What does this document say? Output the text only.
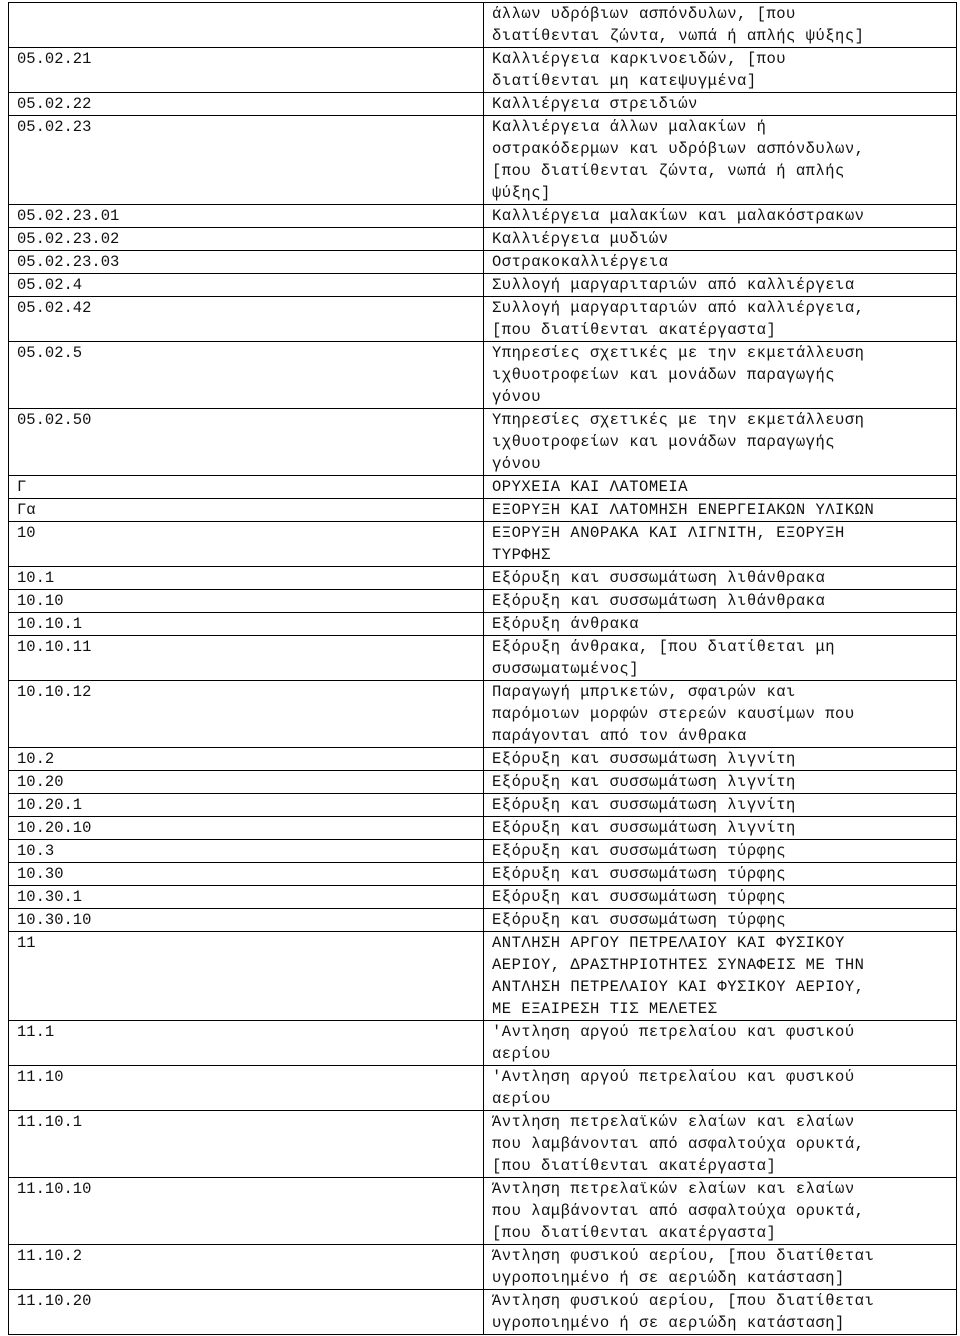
	άλλων υδρόβιων ασπόνδυλων, [που
διατίθενται ζώντα, νωπά ή απλής ψύξης]
05.02.21	Καλλιέργεια καρκινοειδών, [που
διατίθενται μη κατεψυγμένα]
05.02.22	Καλλιέργεια στρειδιών
05.02.23	Καλλιέργεια άλλων μαλακίων ή
οστρακόδερμων και υδρόβιων ασπόνδυλων,
[που διατίθενται ζώντα, νωπά ή απλής
ψύξης]
05.02.23.01	Καλλιέργεια μαλακίων και μαλακόστρακων
05.02.23.02	Καλλιέργεια μυδιών
05.02.23.03	Οστρακοκαλλιέργεια
05.02.4	Συλλογή μαργαριταριών από καλλιέργεια
05.02.42	Συλλογή μαργαριταριών από καλλιέργεια,
[που διατίθενται ακατέργαστα]
05.02.5	Υπηρεσίες σχετικές με την εκμετάλλευση
ιχθυοτροφείων και μονάδων παραγωγής
γόνου
05.02.50	Υπηρεσίες σχετικές με την εκμετάλλευση
ιχθυοτροφείων και μονάδων παραγωγής
γόνου
Γ	ΟΡΥΧΕΙΑ ΚΑΙ ΛΑΤΟΜΕΙΑ
Γα	ΕΞΟΡΥΞΗ ΚΑΙ ΛΑΤΟΜΗΣΗ ΕΝΕΡΓΕΙΑΚΩΝ ΥΛΙΚΩΝ
10	ΕΞΟΡΥΞΗ ΑΝΘΡΑΚΑ ΚΑΙ ΛΙΓΝΙΤΗ, ΕΞΟΡΥΞΗ
ΤΥΡΦΗΣ
10.1	Εξόρυξη και συσσωμάτωση λιθάνθρακα
10.10	Εξόρυξη και συσσωμάτωση λιθάνθρακα
10.10.1	Εξόρυξη άνθρακα
10.10.11	Εξόρυξη άνθρακα, [που διατίθεται μη
συσσωματωμένος]
10.10.12	Παραγωγή μπρικετών, σφαιρών και
παρόμοιων μορφών στερεών καυσίμων που
παράγονται από τον άνθρακα
10.2	Εξόρυξη και συσσωμάτωση λιγνίτη
10.20	Εξόρυξη και συσσωμάτωση λιγνίτη
10.20.1	Εξόρυξη και συσσωμάτωση λιγνίτη
10.20.10	Εξόρυξη και συσσωμάτωση λιγνίτη
10.3	Εξόρυξη και συσσωμάτωση τύρφης
10.30	Εξόρυξη και συσσωμάτωση τύρφης
10.30.1	Εξόρυξη και συσσωμάτωση τύρφης
10.30.10	Εξόρυξη και συσσωμάτωση τύρφης
11	ΑΝΤΛΗΣΗ ΑΡΓΟΥ ΠΕΤΡΕΛΑΙΟΥ ΚΑΙ ΦΥΣΙΚΟΥ
ΑΕΡΙΟΥ, ΔΡΑΣΤΗΡΙΟΤΗΤΕΣ ΣΥΝΑΦΕΙΣ ΜΕ ΤΗΝ
ΑΝΤΛΗΣΗ ΠΕΤΡΕΛΑΙΟΥ ΚΑΙ ΦΥΣΙΚΟΥ ΑΕΡΙΟΥ,
ΜΕ ΕΞΑΙΡΕΣΗ ΤΙΣ ΜΕΛΕΤΕΣ
11.1	'Αντληση αργού πετρελαίου και φυσικού
αερίου
11.10	'Αντληση αργού πετρελαίου και φυσικού
αερίου
11.10.1	Άντληση πετρελαϊκών ελαίων και ελαίων
που λαμβάνονται από ασφαλτούχα ορυκτά,
[που διατίθενται ακατέργαστα]
11.10.10	Άντληση πετρελαϊκών ελαίων και ελαίων
που λαμβάνονται από ασφαλτούχα ορυκτά,
[που διατίθενται ακατέργαστα]
11.10.2	Άντληση φυσικού αερίου, [που διατίθεται
υγροποιημένο ή σε αεριώδη κατάσταση]
11.10.20	Άντληση φυσικού αερίου, [που διατίθεται
υγροποιημένο ή σε αεριώδη κατάσταση]
